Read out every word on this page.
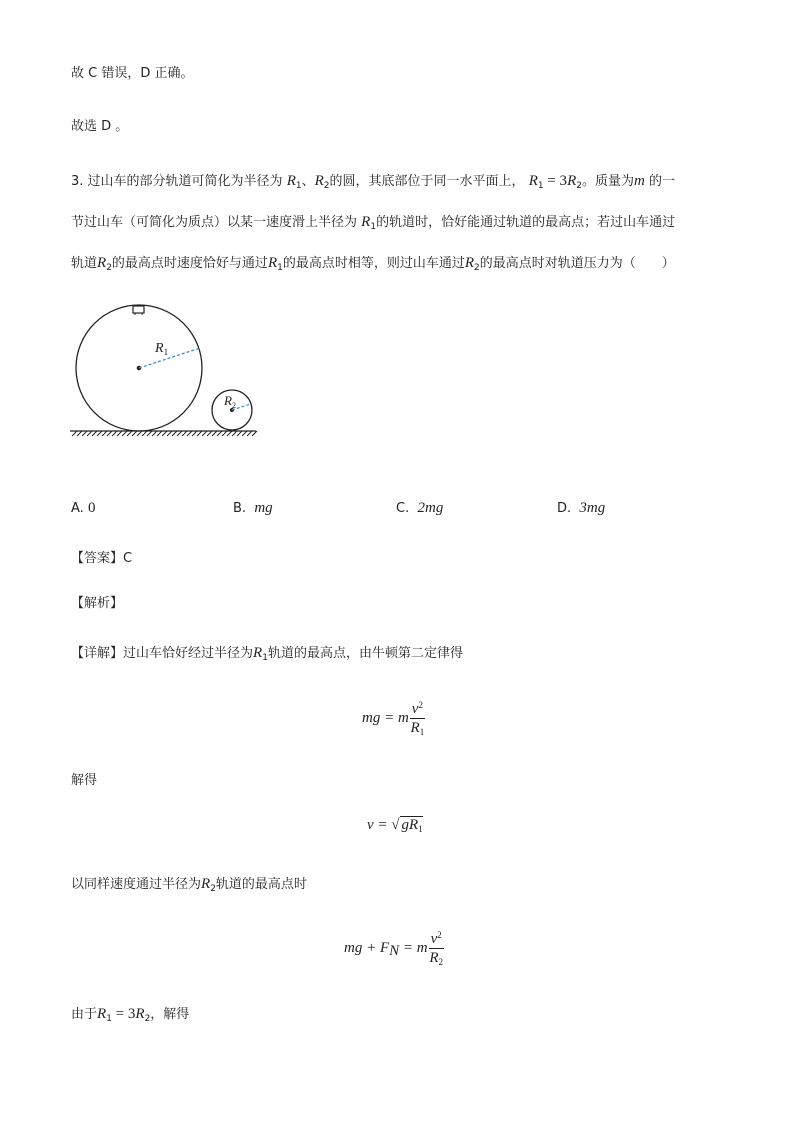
故 C 错误，D 正确。
故选 D 。
3. 过山车的部分轨道可简化为半径为 $R_1$、$R_2$的圆，其底部位于同一水平面上， $R_1 = 3R_2$。质量为m 的一
节过山车（可简化为质点）以某一速度滑上半径为 $R_1$的轨道时，恰好能通过轨道的最高点；若过山车通过
轨道$R_2$的最高点时速度恰好与通过$R_1$的最高点时相等，则过山车通过$R_2$的最高点时对轨道压力为（　　）
$R_1$
$R_2$
A. 0	B. mg	C. 2mg	D. 3mg
【答案】C
【解析】
【详解】过山车恰好经过半径为$R_1$轨道的最高点，由牛顿第二定律得
mg = m $\frac{v^2}{R_1}$
解得
v = √ $gR_1$
以同样速度通过半径为$R_2$轨道的最高点时
mg + $F_N = m \frac{v^2}{R_2}$
由于$R_1 = 3R_2$，解得
